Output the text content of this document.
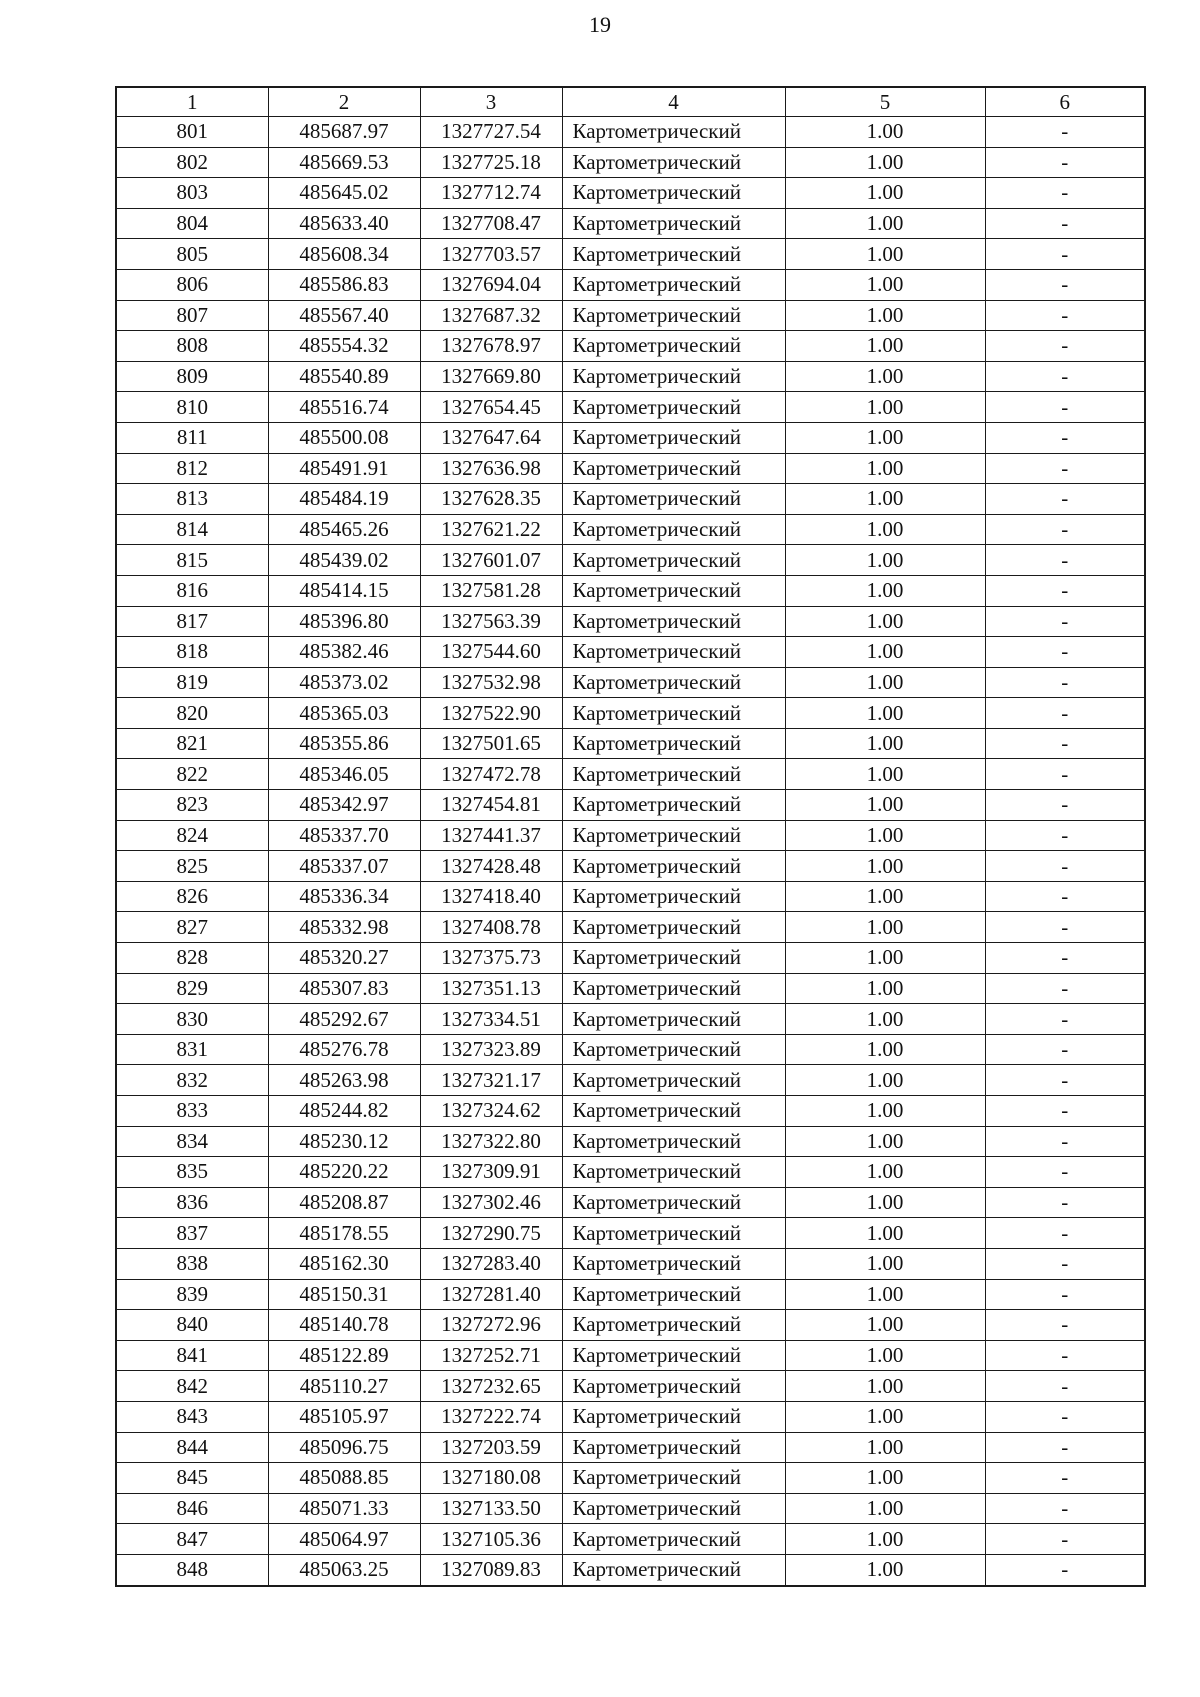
19
1	2	3	4	5	6
801	485687.97	1327727.54	Картометрический	1.00	-
802	485669.53	1327725.18	Картометрический	1.00	-
803	485645.02	1327712.74	Картометрический	1.00	-
804	485633.40	1327708.47	Картометрический	1.00	-
805	485608.34	1327703.57	Картометрический	1.00	-
806	485586.83	1327694.04	Картометрический	1.00	-
807	485567.40	1327687.32	Картометрический	1.00	-
808	485554.32	1327678.97	Картометрический	1.00	-
809	485540.89	1327669.80	Картометрический	1.00	-
810	485516.74	1327654.45	Картометрический	1.00	-
811	485500.08	1327647.64	Картометрический	1.00	-
812	485491.91	1327636.98	Картометрический	1.00	-
813	485484.19	1327628.35	Картометрический	1.00	-
814	485465.26	1327621.22	Картометрический	1.00	-
815	485439.02	1327601.07	Картометрический	1.00	-
816	485414.15	1327581.28	Картометрический	1.00	-
817	485396.80	1327563.39	Картометрический	1.00	-
818	485382.46	1327544.60	Картометрический	1.00	-
819	485373.02	1327532.98	Картометрический	1.00	-
820	485365.03	1327522.90	Картометрический	1.00	-
821	485355.86	1327501.65	Картометрический	1.00	-
822	485346.05	1327472.78	Картометрический	1.00	-
823	485342.97	1327454.81	Картометрический	1.00	-
824	485337.70	1327441.37	Картометрический	1.00	-
825	485337.07	1327428.48	Картометрический	1.00	-
826	485336.34	1327418.40	Картометрический	1.00	-
827	485332.98	1327408.78	Картометрический	1.00	-
828	485320.27	1327375.73	Картометрический	1.00	-
829	485307.83	1327351.13	Картометрический	1.00	-
830	485292.67	1327334.51	Картометрический	1.00	-
831	485276.78	1327323.89	Картометрический	1.00	-
832	485263.98	1327321.17	Картометрический	1.00	-
833	485244.82	1327324.62	Картометрический	1.00	-
834	485230.12	1327322.80	Картометрический	1.00	-
835	485220.22	1327309.91	Картометрический	1.00	-
836	485208.87	1327302.46	Картометрический	1.00	-
837	485178.55	1327290.75	Картометрический	1.00	-
838	485162.30	1327283.40	Картометрический	1.00	-
839	485150.31	1327281.40	Картометрический	1.00	-
840	485140.78	1327272.96	Картометрический	1.00	-
841	485122.89	1327252.71	Картометрический	1.00	-
842	485110.27	1327232.65	Картометрический	1.00	-
843	485105.97	1327222.74	Картометрический	1.00	-
844	485096.75	1327203.59	Картометрический	1.00	-
845	485088.85	1327180.08	Картометрический	1.00	-
846	485071.33	1327133.50	Картометрический	1.00	-
847	485064.97	1327105.36	Картометрический	1.00	-
848	485063.25	1327089.83	Картометрический	1.00	-
